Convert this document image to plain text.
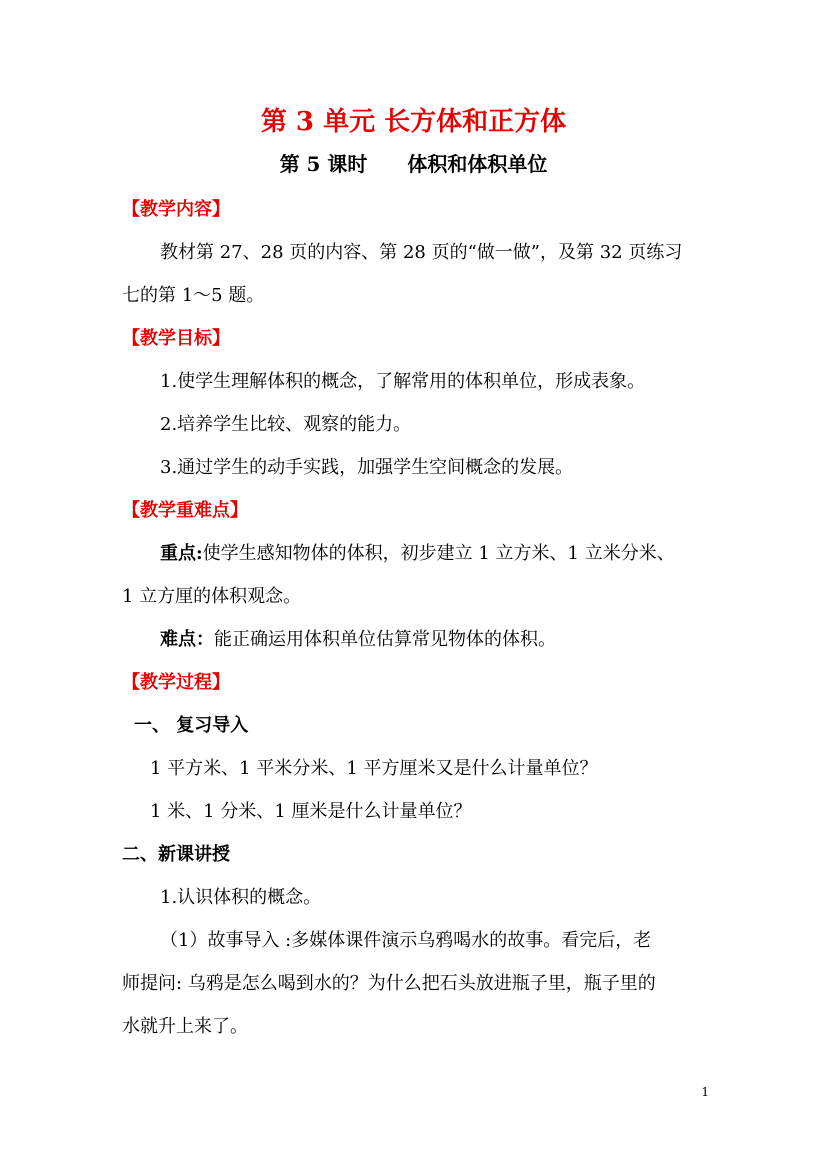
第 3 单元 长方体和正方体
第 5 课时 体积和体积单位
【教学内容】
教材第 27、28 页的内容、第 28 页的“做一做”，及第 32 页练习
七的第 1～5 题。
【教学目标】
1.使学生理解体积的概念，了解常用的体积单位，形成表象。
2.培养学生比较、观察的能力。
3.通过学生的动手实践，加强学生空间概念的发展。
【教学重难点】
重点:使学生感知物体的体积，初步建立 1 立方米、1 立米分米、
1 立方厘的体积观念。
难点：能正确运用体积单位估算常见物体的体积。
【教学过程】
一、 复习导入
1 平方米、1 平米分米、1 平方厘米又是什么计量单位？
1 米、1 分米、1 厘米是什么计量单位？
二、新课讲授
1.认识体积的概念。
（1）故事导入 :多媒体课件演示乌鸦喝水的故事。看完后，老
师提问: 乌鸦是怎么喝到水的？为什么把石头放进瓶子里，瓶子里的
水就升上来了。
1
